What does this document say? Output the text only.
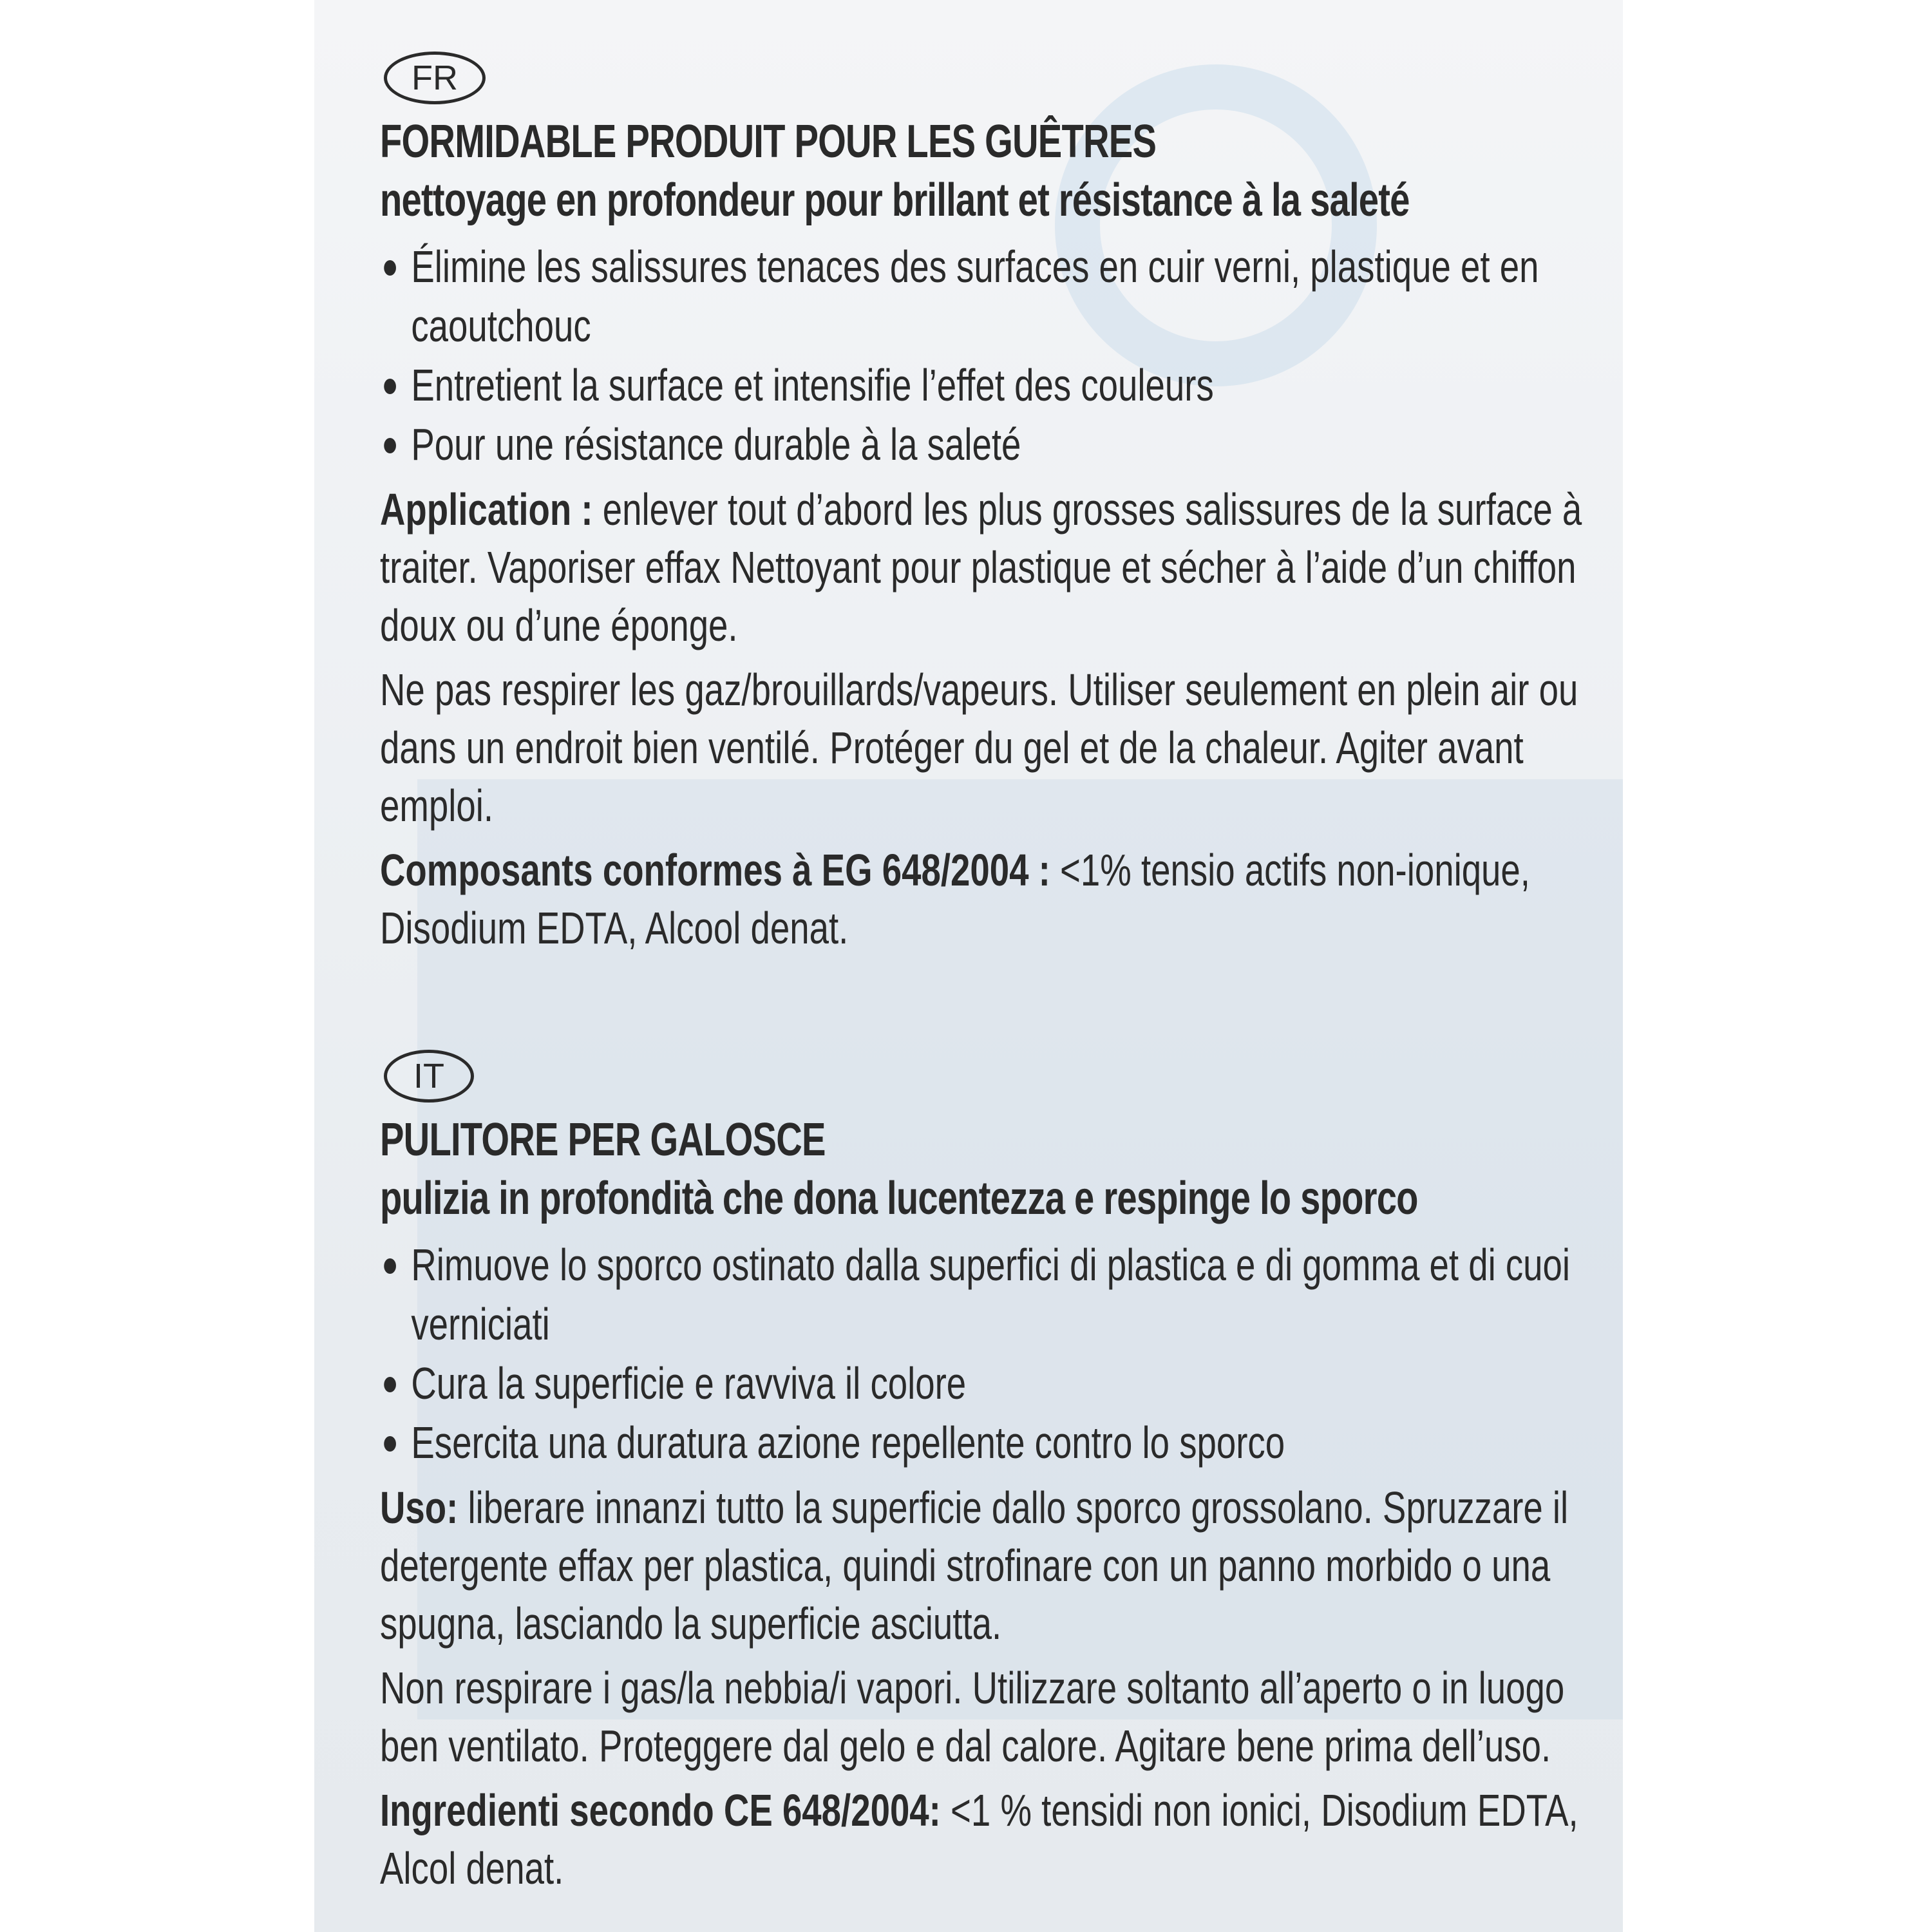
FR
FORMIDABLE PRODUIT POUR LES GUÊTRES
nettoyage en profondeur pour brillant et résistance à la saleté
Élimine les salissures tenaces des surfaces en cuir verni, plastique et en caoutchouc
Entretient la surface et intensifie l’effet des couleurs
Pour une résistance durable à la saleté
Application : enlever tout d’abord les plus grosses salissures de la surface à traiter. Vaporiser effax Nettoyant pour plastique et sécher à l’aide d’un chiffon doux ou d’une éponge.
Ne pas respirer les gaz/brouillards/vapeurs. Utiliser seulement en plein air ou dans un endroit bien ventilé. Protéger du gel et de la chaleur. Agiter avant emploi.
Composants conformes à EG 648/2004 : <1% tensio actifs non-ionique, Disodium EDTA, Alcool denat.
IT
PULITORE PER GALOSCE
pulizia in profondità che dona lucentezza e respinge lo sporco
Rimuove lo sporco ostinato dalla superfici di plastica e di gomma et di cuoi verniciati
Cura la superficie e ravviva il colore
Esercita una duratura azione repellente contro lo sporco
Uso: liberare innanzi tutto la superficie dallo sporco grossolano. Spruzzare il detergente effax per plastica, quindi strofinare con un panno morbido o una spugna, lasciando la superficie asciutta.
Non respirare i gas/la nebbia/i vapori. Utilizzare soltanto all’aperto o in luogo ben ventilato. Proteggere dal gelo e dal calore. Agitare bene prima dell’uso.
Ingredienti secondo CE 648/2004: <1 % tensidi non ionici, Disodium EDTA, Alcol denat.
